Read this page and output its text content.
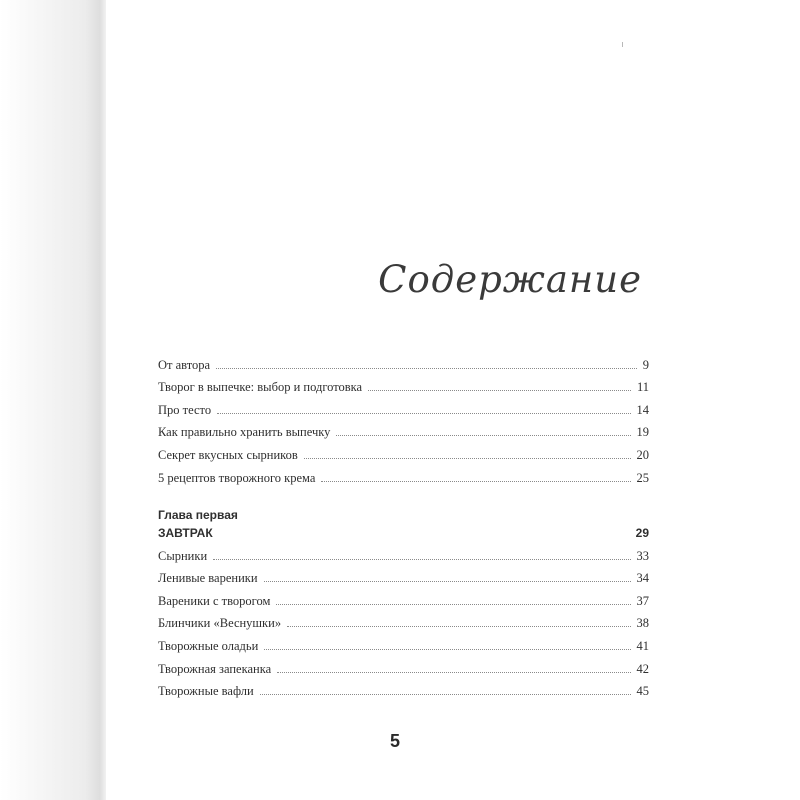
Содержание
От автора	9
Творог в выпечке: выбор и подготовка	11
Про тесто	14
Как правильно хранить выпечку	19
Секрет вкусных сырников	20
5 рецептов творожного крема	25
Глава первая
ЗАВТРАК	29
Сырники	33
Ленивые вареники	34
Вареники с творогом	37
Блинчики «Веснушки»	38
Творожные оладьи	41
Творожная запеканка	42
Творожные вафли	45
5
